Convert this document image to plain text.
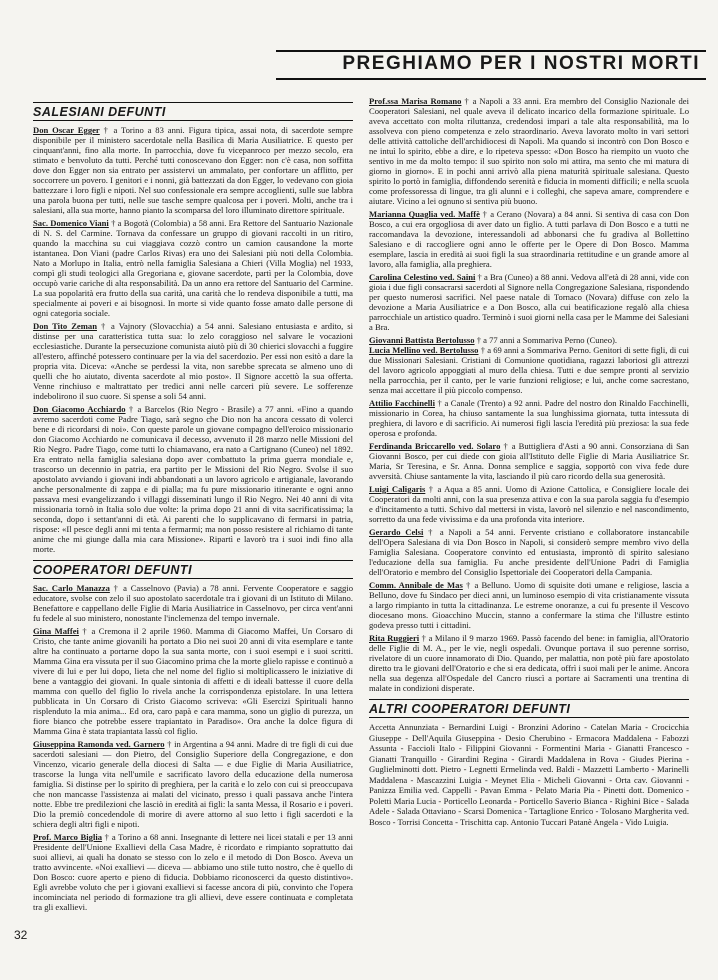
PREGHIAMO PER I NOSTRI MORTI
SALESIANI DEFUNTI
Don Oscar Egger † a Torino a 83 anni. Figura tipica, assai nota, di sacerdote sempre disponibile per il ministero sacerdotale nella Basilica di Maria Ausiliatrice. E questo per cinquant'anni, fino alla morte. In parrocchia, dove fu vicepanroco per mezzo secolo, era stimato e benvoluto da tutti. Perché tutti conoscevano don Egger: non c'è casa, non soffitta dove don Egger non sia entrato per assistervi un ammalato, per confortare un afflitto, per soccorrere un povero. I genitori e i nonni, già battezzati da don Egger, lo vedevano con gioia battezzare i loro figli e nipoti. Nel suo confessionale era sempre accoglienti, sulle sue labbra una parola buona per tutti, nelle sue tasche sempre qualcosa per i poveri. Molti, anche tra i salesiani, alla sua morte, hanno pianto la scomparsa del loro illuminato direttore spirituale.
Sac. Domenico Viani † a Bogotà (Colombia) a 58 anni. Era Rettore del Santuario Nazionale di N. S. del Carmine. Tornava da confessare un gruppo di giovani raccolti in un ritiro, quando la macchina su cui viaggiava cozzò contro un camion causandone la morte istantanea. Don Viani (padre Carlos Rivas) era uno dei Salesiani più noti della Colombia. Nato a Morlupo in Italia, entrò nella famiglia Salesiana a Chieri (Villa Moglia) nel 1933, compì gli studi teologici alla Gregoriana e, giovane sacerdote, partì per la Colombia, dove occupò varie cariche di alta responsabilità. Da un anno era rettore del Santuario del Carmine. La sua popolarità era frutto della sua carità, una carità che lo rendeva disponibile a tutti, ma specialmente ai poveri e ai bisognosi. In morte si vide quanto fosse amato dalle persone di ogni categoria sociale.
Don Tito Zeman † a Vajnory (Slovacchia) a 54 anni. Salesiano entusiasta e ardito, si distinse per una caratteristica tutta sua: lo zelo coraggioso nel salvare le vocazioni ecclesiastiche. Durante la persecuzione comunista aiutò più di 30 chierici slovacchi a fuggire all'estero, affinché potessero continuare per la via del sacerdozio. Per essi non esitò a dare la propria vita. Diceva: «Anche se perdessi la vita, non sarebbe sprecata se almeno uno di quelli che ho aiutato, diventa sacerdote al mio posto». Il Signore accettò la sua offerta. Venne rinchiuso e maltrattato per tredici anni nelle carceri più severe. Le sofferenze indebolirono il suo cuore. Si spense a soli 54 anni.
Don Giacomo Acchiardo † a Barcelos (Rio Negro - Brasile) a 77 anni. «Fino a quando avremo sacerdoti come Padre Tiago, sarà segno che Dio non ha ancora cessato di volerci bene e di ricordarsi di noi». Con queste parole un giovane compagno dell'eroico missionario don Giacomo Acchiardo ne comunicava il decesso, avvenuto il 28 marzo nelle Missioni del Rio Negro. Padre Tiago, come tutti lo chiamavano, era nato a Cartignano (Cuneo) nel 1892. Era entrato nella famiglia salesiana dopo aver combattuto la prima guerra mondiale e, trascorso un decennio in patria, era partito per le Missioni del Rio Negro. Svolse il suo apostolato avviando i giovani indi abbandonati a un lavoro agricolo e artigianale, lavorando anche personalmente di zappa e di pialla; ma fu pure missionario itinerante e ogni anno passava mesi evangelizzando i villaggi disseminati lungo il Rio Negro. Nei 40 anni di vita missionaria tornò in Italia solo due volte: la prima dopo 21 anni di vita sacrificatissima; la seconda, dopo i settant'anni di età. Ai parenti che lo supplicavano di fermarsi in patria, rispose: «Il pesce degli anni mi tenta a fermarmi; ma non posso resistere al richiamo di tante anime che mi giunge dalla mia cara Missione». Ripartì e lavorò tra i suoi indi fino alla morte.
COOPERATORI DEFUNTI
Sac. Carlo Manazza † a Casselnovo (Pavia) a 78 anni. Fervente Cooperatore e saggio educatore, svolse con zelo il suo apostolato sacerdotale tra i giovani di un Istituto di Milano. Benefattore e cappellano delle Figlie di Maria Ausiliatrice in Casselnovo, per circa vent'anni fu fedele al suo ministero, nonostante l'inclemenza del tempo invernale.
Gina Maffei † a Cremona il 2 aprile 1960. Mamma di Giacomo Maffei, Un Corsaro di Cristo, che tante anime giovanili ha portato a Dio nei suoi 20 anni di vita esemplare e tante altre ha continuato a portarne dopo la sua santa morte, con i suoi esempi e i suoi scritti. Mamma Gina era vissuta per il suo Giacomino prima che la morte glielo rapisse e continuò a vivere di lui e per lui dopo, lieta che nel nome del figlio si moltiplicassero le iniziative di bene a vantaggio dei giovani. In quale sintonia di affetti e di ideali battesse il cuore della mamma con quello del figlio lo rivela anche la corrispondenza epistolare. In una lettera pubblicata in Un Corsaro di Cristo Giacomo scriveva: «Gli Esercizi Spirituali hanno risplenduto la mia anima... Ed ora, caro papà e cara mamma, sono un giglio di purezza, un fiore bianco che potrebbe essere trapiantato in Paradiso». Ora anche la dolce figura di Mamma Gina è stata trapiantata lassù col figlio.
Giuseppina Ramonda ved. Garnero † in Argentina a 94 anni. Madre di tre figli di cui due sacerdoti salesiani — don Pietro, del Consiglio Superiore della Congregazione, e don Vincenzo, vicario generale della diocesi di Salta — e due Figlie di Maria Ausiliatrice, trascorse la lunga vita nell'umile e sacrificato lavoro della educazione della numerosa famiglia. Si distinse per lo spirito di preghiera, per la carità e lo zelo con cui si preoccupava che non mancasse l'assistenza ai malati del vicinato, presso i quali passava anche l'intera notte. Ebbe tre predilezioni che lasciò in eredità ai figli: la santa Messa, il Rosario e i poveri. Dio la premiò concedendole di morire di avere attorno al suo letto i figli sacerdoti e la schiera degli altri figli e nipoti.
Prof. Marco Biglia † a Torino a 68 anni. Insegnante di lettere nei licei statali e per 13 anni Presidente dell'Unione Exallievi della Casa Madre, è ricordato e rimpianto soprattutto dai suoi allievi, ai quali ha donato se stesso con lo zelo e il metodo di Don Bosco. Aveva un tratto avvincente. «Noi exallievi — diceva — abbiamo uno stile tutto nostro, che è quello di Don Bosco: cuore aperto e pieno di fiducia. Dobbiamo riconoscerci da questo distintivo». Egli avrebbe voluto che per i giovani exallievi si facesse ancora di più, convinto che l'opera incominciata nel periodo di formazione tra gli allievi, deve essere continuata e completata tra gli exallievi.
Prof.ssa Marisa Romano † a Napoli a 33 anni. Era membro del Consiglio Nazionale dei Cooperatori Salesiani, nel quale aveva il delicato incarico della formazione spirituale. Lo aveva accettato con molta riluttanza, credendosi impari a tale alta responsabilità, ma lo assolveva con pieno competenza e zelo straordinario. Aveva lavorato molto in vari settori delle attività cattoliche dell'archidiocesi di Napoli. Ma quando si incontrò con Don Bosco e ne intuì lo spirito, ebbe a dire, e lo ripeteva spesso: «Don Bosco ha riempito un vuoto che sentivo in me da molto tempo: il suo spirito non solo mi attira, ma sento che mi matura di giorno in giorno». E in pochi anni arrivò alla piena maturità spirituale salesiana. Questo spirito lo portò in famiglia, diffondendo serenità e fiducia in momenti difficili; e nella scuola come professoressa di lingue, tra gli alunni e i colleghi, che sapeva amare, comprendere e aiutare. Vicino a lei ognuno si sentiva più buono.
Marianna Quaglia ved. Maffè † a Cerano (Novara) a 84 anni. Si sentiva di casa con Don Bosco, a cui era orgogliosa di aver dato un figlio. A tutti parlava di Don Bosco e a tutti ne raccomandava la devozione, interessandoli ad abbonarsi che fu gradiva al Bollettino Salesiano e di raccogliere ogni anno le offerte per le Opere di Don Bosco. Mamma esemplare, lascia in eredità ai suoi figli la sua straordinaria rettitudine e un grande amore al lavoro, alla famiglia, alla preghiera.
Carolina Celestino ved. Saini † a Bra (Cuneo) a 88 anni. Vedova all'età di 28 anni, vide con gioia i due figli consacrarsi sacerdoti al Signore nella Congregazione Salesiana, rispondendo per questo numerosi sacrifici. Nel paese natale di Tornaco (Novara) diffuse con zelo la devozione a Maria Ausiliatrice e a Don Bosco, alla cui beatificazione regalò alla chiesa parrocchiale un artistico quadro. Terminò i suoi giorni nella casa per le Mamme dei Salesiani a Bra.
Giovanni Battista Bertolusso † a 77 anni a Sommariva Perno (Cuneo).
Lucia Mellino ved. Bertolusso † a 69 anni a Sommariva Perno. Genitori di sette figli, di cui due Missionari Salesiani. Cristiani di Comunione quotidiana, ragazzi laboriosi gli attrezzi del lavoro agricolo appoggiati al muro della chiesa. Tutti e due sempre pronti al servizio nella parrocchia, per il canto, per le varie funzioni religiose; e lui, anche come sacrestano, senza mai accettare il più piccolo compenso.
Attilio Facchinelli † a Canale (Trento) a 92 anni. Padre del nostro don Rinaldo Facchinelli, missionario in Corea, ha chiuso santamente la sua lunghissima giornata, tutta intessuta di preghiera, di lavoro e di sacrificio. Ai numerosi figli lascia l'eredità più preziosa: la sua fede operosa e profonda.
Ferdinanda Briccarello ved. Solaro † a Buttigliera d'Asti a 90 anni. Consorziana di San Giovanni Bosco, per cui diede con gioia all'Istituto delle Figlie di Maria Ausiliatrice Sr. Maria, Sr Teresina, e Sr. Anna. Donna semplice e saggia, sopportò con viva fede dure avversità. Chiuse santamente la vita, lasciando il più caro ricordo della sua generosità.
Luigi Caligaris † a Aqua a 85 anni. Uomo di Azione Cattolica, e Consigliere locale dei Cooperatori da molti anni, con la sua presenza attiva e con la sua parola saggia fu d'esempio e d'incitamento a tutti. Schivo dal mettersi in vista, lavorò nel silenzio e nel nascondimento, sorretto da una fede vivissima e da una profonda vita interiore.
Gerardo Celsi † a Napoli a 54 anni. Fervente cristiano e collaboratore instancabile dell'Opera Salesiana di via Don Bosco in Napoli, si considerò sempre membro vivo della Famiglia Salesiana. Cooperatore convinto ed entusiasta, improntò di spirito salesiano l'educazione della sua famiglia. Fu anche presidente dell'Unione Padri di Famiglia dell'Oratorio e membro del Consiglio Ispettoriale dei Cooperatori della Campania.
Comm. Annibale de Mas † a Belluno. Uomo di squisite doti umane e religiose, lascia a Belluno, dove fu Sindaco per dieci anni, un luminoso esempio di vita cristianamente vissuta a largo rimpianto in tutta la cittadinanza. Le estreme onoranze, a cui fu presente il Vescovo diocesano mons. Gioacchino Muccin, stanno a confermare la stima che l'illustre estinto godeva presso tutti i cittadini.
Rita Ruggieri † a Milano il 9 marzo 1969. Passò facendo del bene: in famiglia, all'Oratorio delle Figlie di M. A., per le vie, negli ospedali. Ovunque portava il suo perenne sorriso, rivelatore di un cuore innamorato di Dio. Quando, per malattia, non potè più fare apostolato diretto tra le giovani dell'Oratorio e che si era dedicata, offrì i suoi mali per le anime. Ancora nella sua degenza all'Ospedale del Cancro riuscì a portare ai Sacramenti una trentina di malate in condizioni disperate.
ALTRI COOPERATORI DEFUNTI
Accetta Annunziata - Bernardini Luigi - Bronzini Adorino - Catelan Maria - Crocicchia Giuseppe - Dell'Aquila Giuseppina - Desio Cherubino - Ermacora Maddalena - Fabozzi Assunta - Faccioli Italo - Filippini Giovanni - Formentini Maria - Gianatti Francesco - Gianatti Tranquillo - Girardini Regina - Girardi Maddalena in Rova - Giudes Pierina - Guglielminotti dott. Pietro - Legnetti Ermelinda ved. Baldi - Mazzetti Lamberto - Marinelli Maddalena - Mascazzini Luigia - Meynet Elia - Micheli Giovanni - Orta cav. Giovanni - Panizza Emilia ved. Cappelli - Pavan Emma - Pelato Maria Pia - Pinetti dott. Domenico - Poletti Maria Lucia - Porticello Leonarda - Porticello Saverio Bianca - Righini Bice - Salada Adele - Salada Ottaviano - Scarsi Domenica - Tartaglione Enrico - Tolosano Margherita ved. Bosco - Torrisi Concetta - Trischitta cap. Antonio Tuccari Patanè Angela - Vido Luigia.
32
